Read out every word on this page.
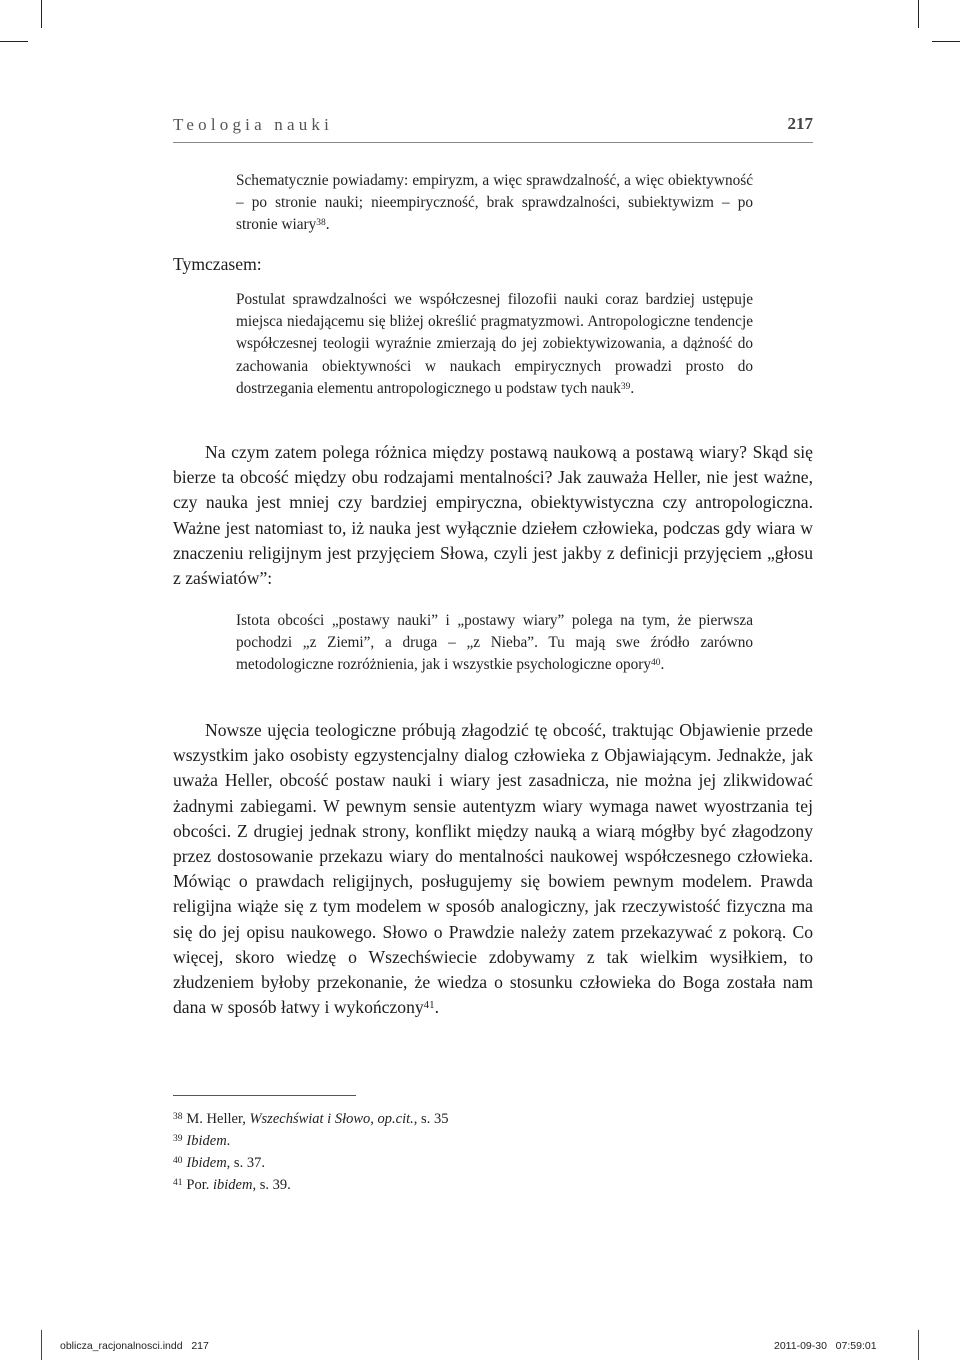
Teologia nauki	217

Schematycznie powiadamy: empiryzm, a więc sprawdzalność, a więc obiektywność – po stronie nauki; nieempiryczność, brak sprawdzalności, subiektywizm – po stronie wiary$^{38}$.

Tymczasem:

Postulat sprawdzalności we współczesnej filozofii nauki coraz bardziej ustępuje miejsca niedającemu się bliżej określić pragmatyzmowi. Antropologiczne tendencje współczesnej teologii wyraźnie zmierzają do jej zobiektywizowania, a dążność do zachowania obiektywności w naukach empirycznych prowadzi prosto do dostrzegania elementu antropologicznego u podstaw tych nauk$^{39}$.

Na czym zatem polega różnica między postawą naukową a postawą wiary? Skąd się bierze ta obcość między obu rodzajami mentalności? Jak zauważa Heller, nie jest ważne, czy nauka jest mniej czy bardziej empiryczna, obiektywistyczna czy antropologiczna. Ważne jest natomiast to, iż nauka jest wyłącznie dziełem człowieka, podczas gdy wiara w znaczeniu religijnym jest przyjęciem Słowa, czyli jest jakby z definicji przyjęciem „głosu z zaświatów”:

Istota obcości „postawy nauki” i „postawy wiary” polega na tym, że pierwsza pochodzi „z Ziemi”, a druga – „z Nieba”. Tu mają swe źródło zarówno metodologiczne rozróżnienia, jak i wszystkie psychologiczne opory$^{40}$.

Nowsze ujęcia teologiczne próbują złagodzić tę obcość, traktując Objawienie przede wszystkim jako osobisty egzystencjalny dialog człowieka z Objawiającym. Jednakże, jak uważa Heller, obcość postaw nauki i wiary jest zasadnicza, nie można jej zlikwidować żadnymi zabiegami. W pewnym sensie autentyzm wiary wymaga nawet wyostrzania tej obcości. Z drugiej jednak strony, konflikt między nauką a wiarą mógłby być złagodzony przez dostosowanie przekazu wiary do mentalności naukowej współczesnego człowieka. Mówiąc o prawdach religijnych, posługujemy się bowiem pewnym modelem. Prawda religijna wiąże się z tym modelem w sposób analogiczny, jak rzeczywistość fizyczna ma się do jej opisu naukowego. Słowo o Prawdzie należy zatem przekazywać z pokorą. Co więcej, skoro wiedzę o Wszechświecie zdobywamy z tak wielkim wysiłkiem, to złudzeniem byłoby przekonanie, że wiedza o stosunku człowieka do Boga została nam dana w sposób łatwy i wykończony$^{41}$.

$^{38}$ M. Heller, Wszechświat i Słowo, op.cit., s. 35
$^{39}$ Ibidem.
$^{40}$ Ibidem, s. 37.
$^{41}$ Por. ibidem, s. 39.
oblicza_racjonalnosci.indd   217	2011-09-30   07:59:01
